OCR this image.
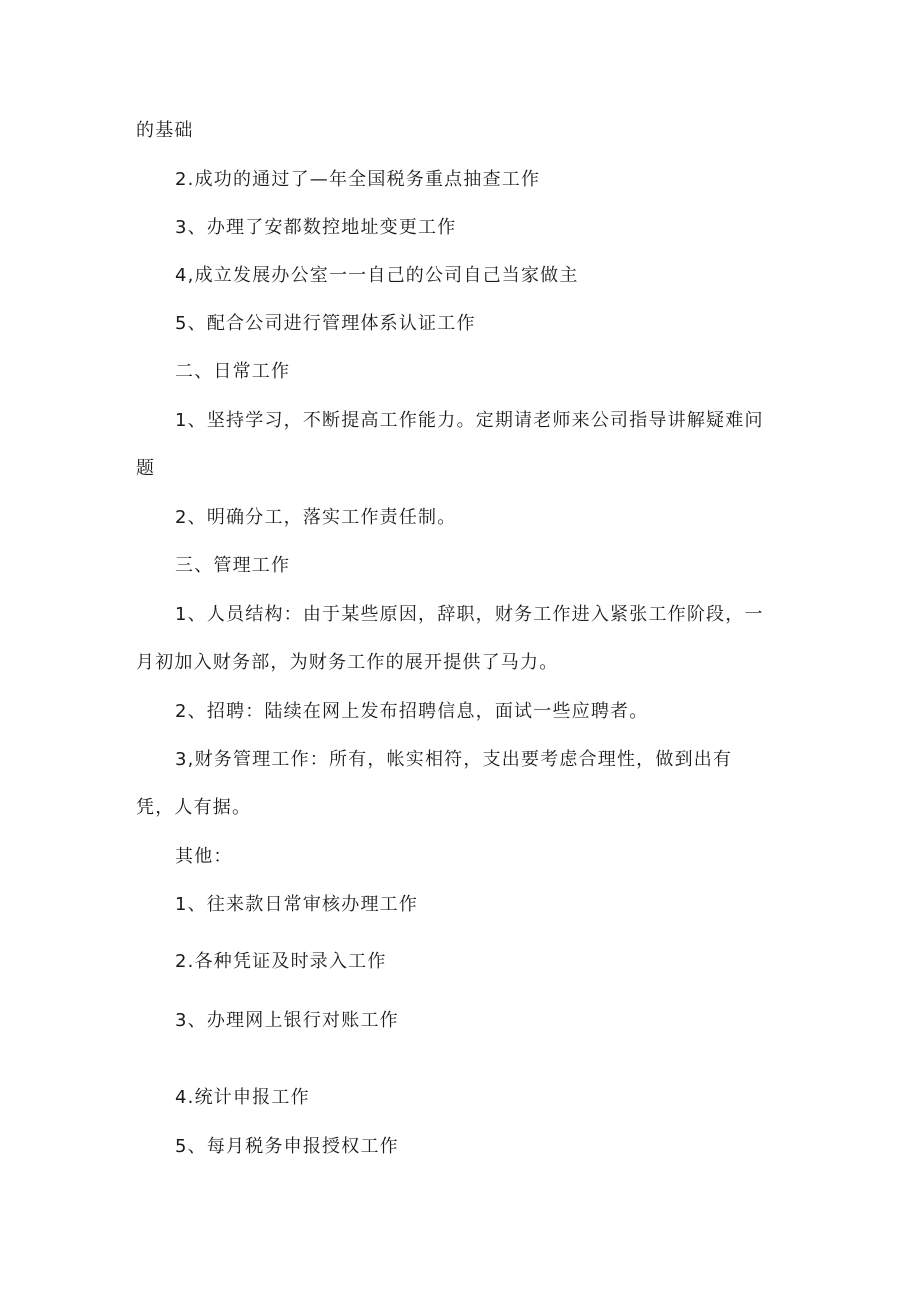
的基础
2.成功的通过了—年全国税务重点抽查工作
3、办理了安都数控地址变更工作
4,成立发展办公室一一自己的公司自己当家做主
5、配合公司进行管理体系认证工作
二、日常工作
1、坚持学习，不断提高工作能力。定期请老师来公司指导讲解疑难问
题
2、明确分工，落实工作责任制。
三、管理工作
1、人员结构：由于某些原因，辞职，财务工作进入紧张工作阶段，一
月初加入财务部，为财务工作的展开提供了马力。
2、招聘：陆续在网上发布招聘信息，面试一些应聘者。
3,财务管理工作：所有，帐实相符，支出要考虑合理性，做到出有
凭，人有据。
其他：
1、往来款日常审核办理工作
2.各种凭证及时录入工作
3、办理网上银行对账工作
4.统计申报工作
5、每月税务申报授权工作
